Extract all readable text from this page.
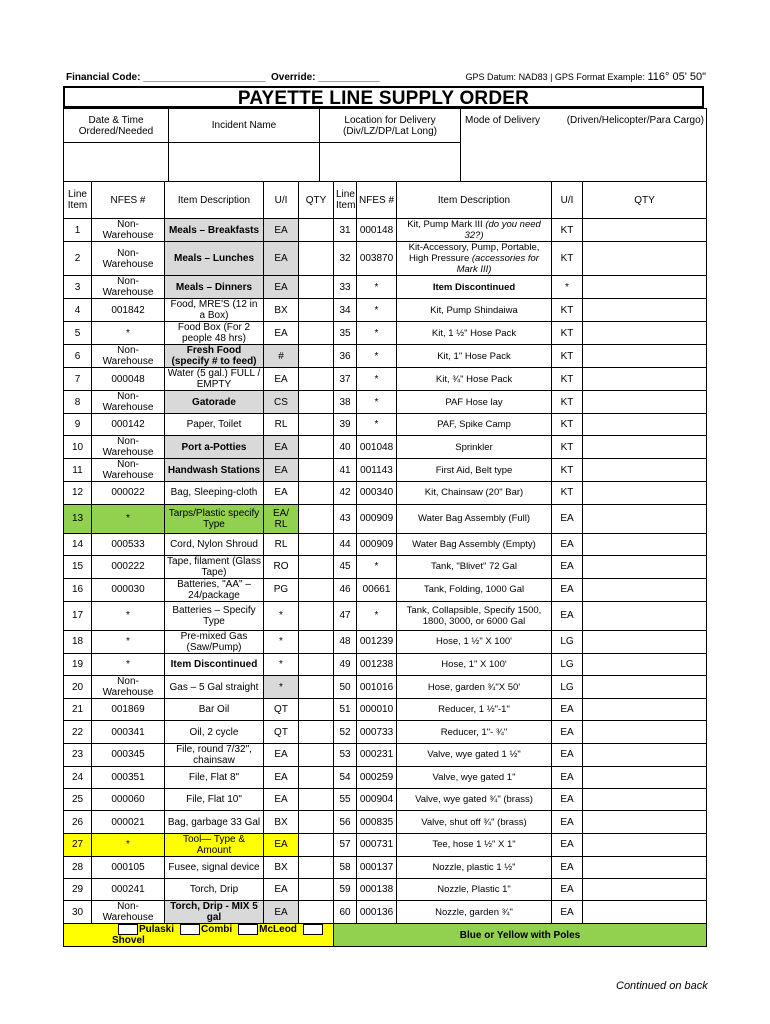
Financial Code: ______________________ Override: ___________	GPS Datum: NAD83 | GPS Format Example: 116° 05' 50"
PAYETTE LINE SUPPLY ORDER
Date & Time Ordered/Needed	Incident Name	Location for Delivery (Div/LZ/DP/Lat Long)	Mode of Delivery (Driven/Helicopter/Para Cargo)

Line Item	NFES #	Item Description	U/I	QTY	Line Item	NFES #	Item Description	U/I	QTY
1	Non-Warehouse	Meals – Breakfasts	EA		31	000148	Kit, Pump Mark III (do you need 32?)	KT	
2	Non-Warehouse	Meals – Lunches	EA		32	003870	Kit-Accessory, Pump, Portable, High Pressure (accessories for Mark III)	KT	
3	Non-Warehouse	Meals – Dinners	EA		33	*	Item Discontinued	*	
4	001842	Food, MRE'S (12 in a Box)	BX		34	*	Kit, Pump Shindaiwa	KT	
5	*	Food Box (For 2 people 48 hrs)	EA		35	*	Kit, 1 ½" Hose Pack	KT	
6	Non-Warehouse	Fresh Food (specify # to feed)	#		36	*	Kit, 1" Hose Pack	KT	
7	000048	Water (5 gal.) FULL / EMPTY	EA		37	*	Kit, ¾" Hose Pack	KT	
8	Non-Warehouse	Gatorade	CS		38	*	PAF Hose lay	KT	
9	000142	Paper, Toilet	RL		39	*	PAF, Spike Camp	KT	
10	Non-Warehouse	Port a-Potties	EA		40	001048	Sprinkler	KT	
11	Non-Warehouse	Handwash Stations	EA		41	001143	First Aid, Belt type	KT	
12	000022	Bag, Sleeping-cloth	EA		42	000340	Kit, Chainsaw (20" Bar)	KT	
13	*	Tarps/Plastic specify Type	EA/ RL		43	000909	Water Bag Assembly (Full)	EA	
14	000533	Cord, Nylon Shroud	RL		44	000909	Water Bag Assembly (Empty)	EA	
15	000222	Tape, filament (Glass Tape)	RO		45	*	Tank, "Blivet" 72 Gal	EA	
16	000030	Batteries, "AA" – 24/package	PG		46	00661	Tank, Folding, 1000 Gal	EA	
17	*	Batteries – Specify Type	*		47	*	Tank, Collapsible, Specify 1500, 1800, 3000, or 6000 Gal	EA	
18	*	Pre-mixed Gas (Saw/Pump)	*		48	001239	Hose, 1 ½" X 100'	LG	
19	*	Item Discontinued	*		49	001238	Hose, 1" X 100'	LG	
20	Non-Warehouse	Gas – 5 Gal straight	*		50	001016	Hose, garden ¾"X 50'	LG	
21	001869	Bar Oil	QT		51	000010	Reducer, 1 ½"-1"	EA	
22	000341	Oil, 2 cycle	QT		52	000733	Reducer, 1"- ¾"	EA	
23	000345	File, round 7/32", chainsaw	EA		53	000231	Valve, wye gated 1 ½"	EA	
24	000351	File, Flat 8"	EA		54	000259	Valve, wye gated 1"	EA	
25	000060	File, Flat 10"	EA		55	000904	Valve, wye gated ¾" (brass)	EA	
26	000021	Bag, garbage 33 Gal	BX		56	000835	Valve, shut off ¾" (brass)	EA	
27	*	Tool— Type & Amount	EA		57	000731	Tee, hose 1 ½" X 1"	EA	
28	000105	Fusee, signal device	BX		58	000137	Nozzle, plastic 1 ½"	EA	
29	000241	Torch, Drip	EA		59	000138	Nozzle, Plastic 1"	EA	
30	Non-Warehouse	Torch, Drip - MIX 5 gal	EA		60	000136	Nozzle, garden ¾"	EA	
Pulaski Combi McLeodShovel					Blue or Yellow with Poles				
Continued on back
